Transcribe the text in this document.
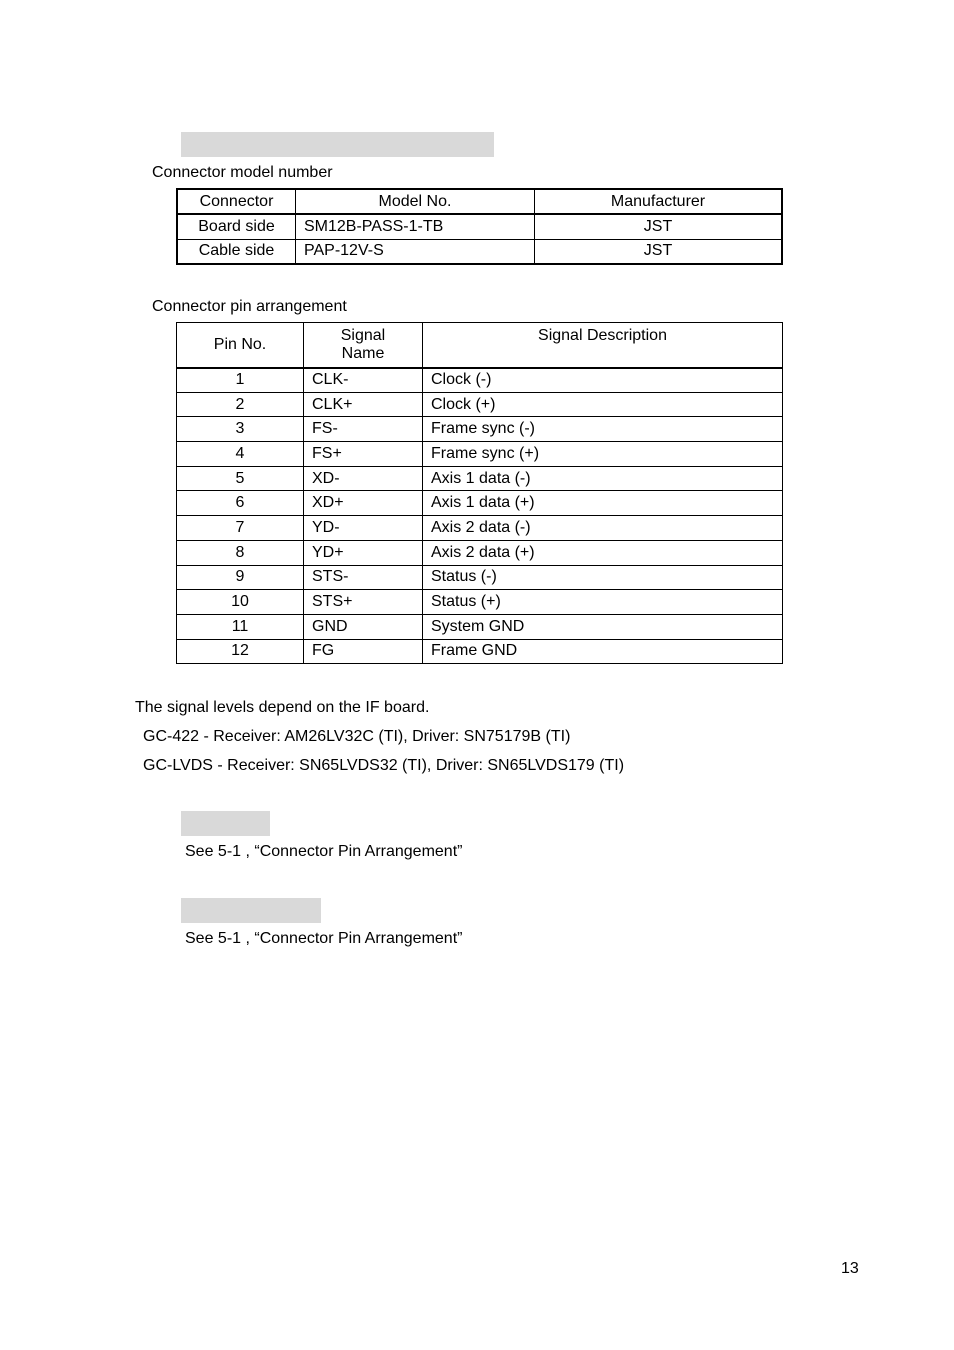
Connector model number
Connector	Model No.	Manufacturer
Board side	SM12B-PASS-1-TB	JST
Cable side	PAP-12V-S	JST
Connector pin arrangement
Pin No.	Signal Name	Signal Description
1	CLK-	Clock (-)
2	CLK+	Clock (+)
3	FS-	Frame sync (-)
4	FS+	Frame sync (+)
5	XD-	Axis 1 data (-)
6	XD+	Axis 1 data (+)
7	YD-	Axis 2 data (-)
8	YD+	Axis 2 data (+)
9	STS-	Status (-)
10	STS+	Status (+)
11	GND	System GND
12	FG	Frame GND
The signal levels depend on the IF board.
GC-422 - Receiver: AM26LV32C (TI), Driver: SN75179B (TI)
GC-LVDS - Receiver: SN65LVDS32 (TI), Driver: SN65LVDS179 (TI)
See 5-1 , “Connector Pin Arrangement”
See 5-1 , “Connector Pin Arrangement”
13
